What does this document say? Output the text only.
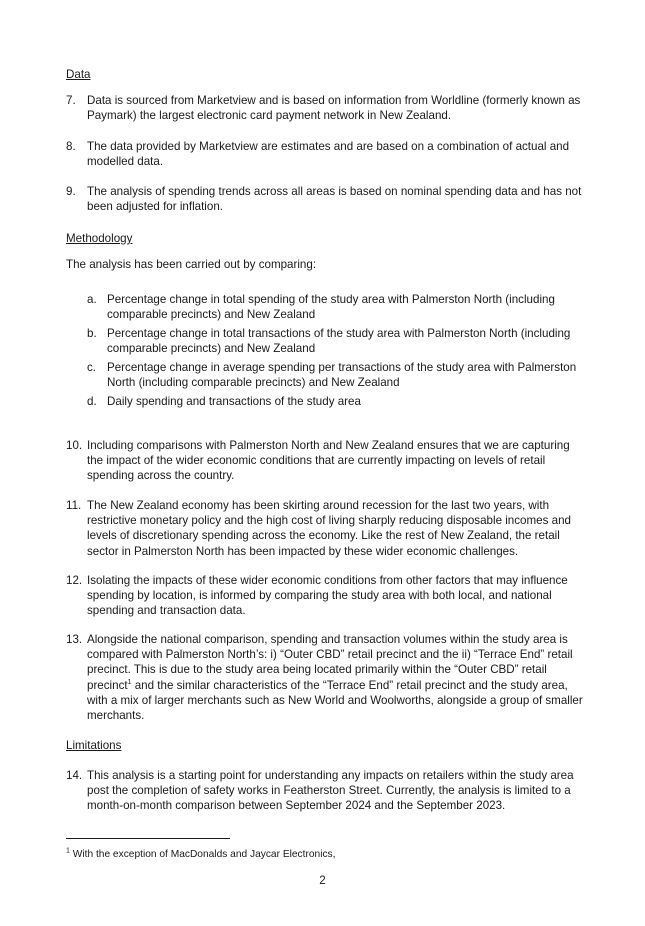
Data
7. Data is sourced from Marketview and is based on information from Worldline (formerly known as Paymark) the largest electronic card payment network in New Zealand.
8. The data provided by Marketview are estimates and are based on a combination of actual and modelled data.
9. The analysis of spending trends across all areas is based on nominal spending data and has not been adjusted for inflation.
Methodology
The analysis has been carried out by comparing:
a. Percentage change in total spending of the study area with Palmerston North (including comparable precincts) and New Zealand
b. Percentage change in total transactions of the study area with Palmerston North (including comparable precincts) and New Zealand
c. Percentage change in average spending per transactions of the study area with Palmerston North (including comparable precincts) and New Zealand
d. Daily spending and transactions of the study area
10. Including comparisons with Palmerston North and New Zealand ensures that we are capturing the impact of the wider economic conditions that are currently impacting on levels of retail spending across the country.
11. The New Zealand economy has been skirting around recession for the last two years, with restrictive monetary policy and the high cost of living sharply reducing disposable incomes and levels of discretionary spending across the economy. Like the rest of New Zealand, the retail sector in Palmerston North has been impacted by these wider economic challenges.
12. Isolating the impacts of these wider economic conditions from other factors that may influence spending by location, is informed by comparing the study area with both local, and national spending and transaction data.
13. Alongside the national comparison, spending and transaction volumes within the study area is compared with Palmerston North’s: i) “Outer CBD” retail precinct and the ii) “Terrace End” retail precinct. This is due to the study area being located primarily within the “Outer CBD” retail precinct$^1$ and the similar characteristics of the “Terrace End” retail precinct and the study area, with a mix of larger merchants such as New World and Woolworths, alongside a group of smaller merchants.
Limitations
14. This analysis is a starting point for understanding any impacts on retailers within the study area post the completion of safety works in Featherston Street. Currently, the analysis is limited to a month-on-month comparison between September 2024 and the September 2023.
$^1$ With the exception of MacDonalds and Jaycar Electronics,
2
